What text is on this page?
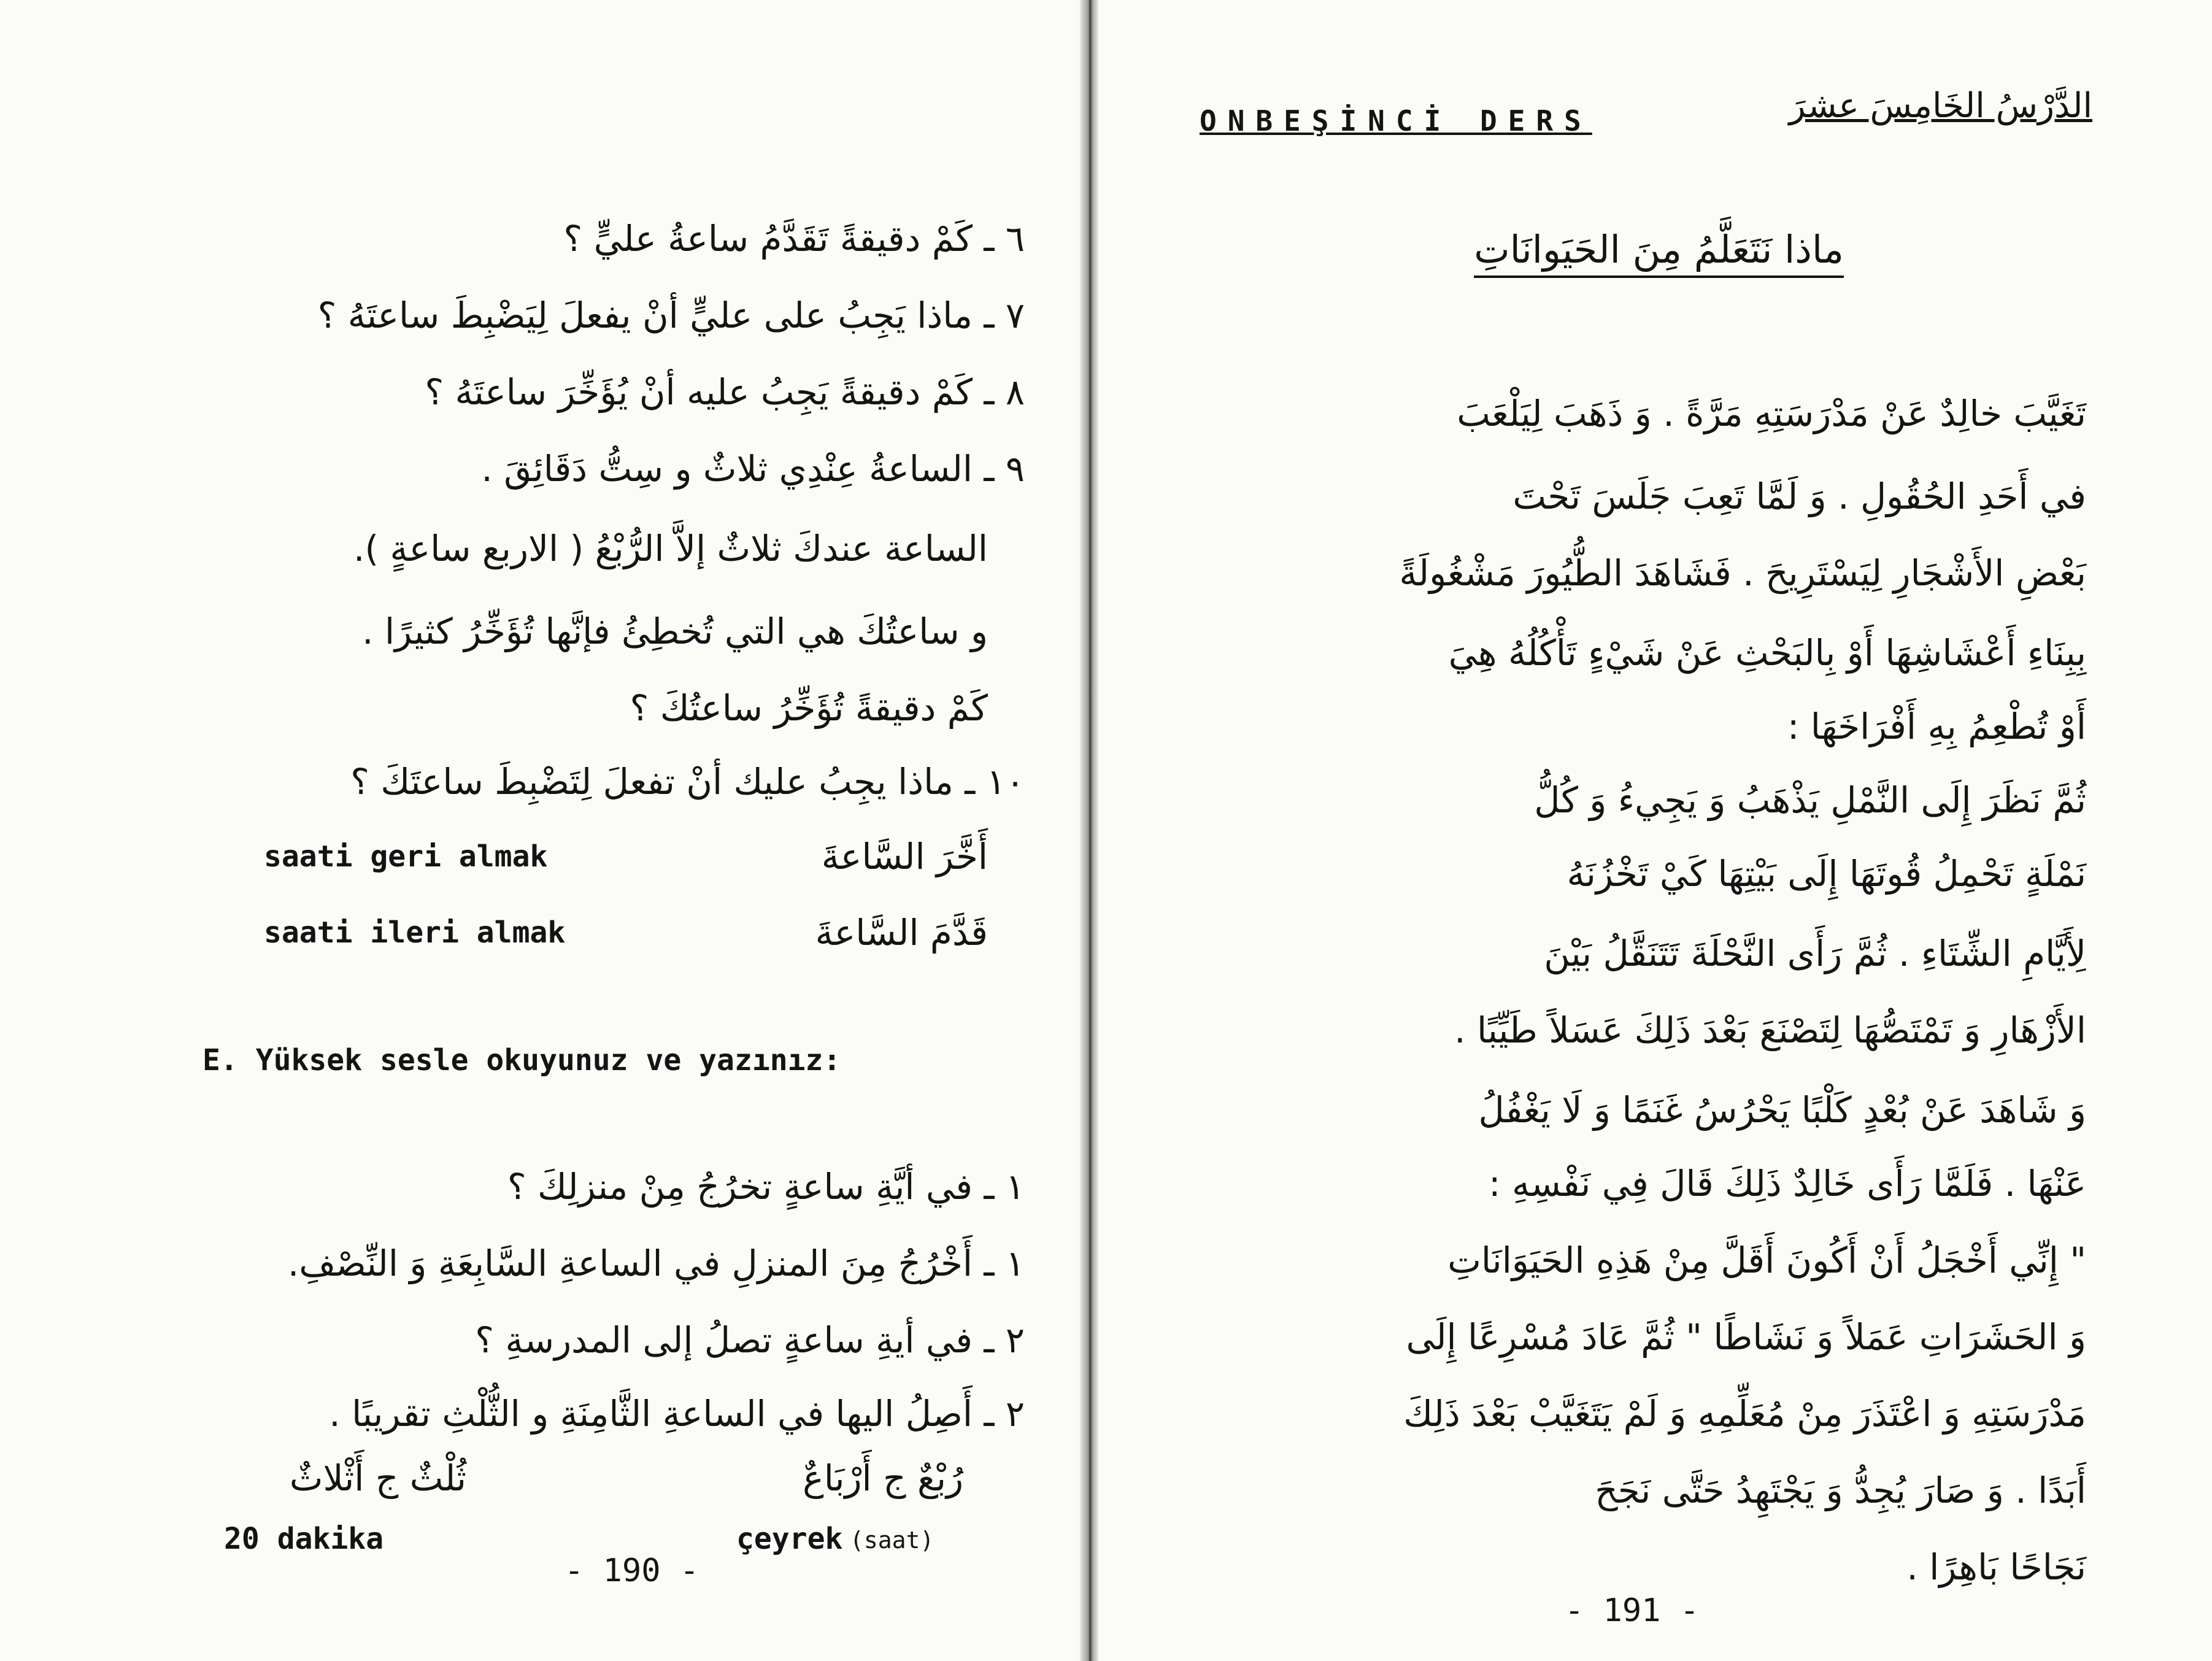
٦ ـ كَمْ دقيقةً تَقَدَّمُ ساعةُ عليٍّ ؟
٧ ـ ماذا يَجِبُ على عليٍّ أنْ يفعلَ لِيَضْبِطَ ساعتَهُ ؟
٨ ـ كَمْ دقيقةً يَجِبُ عليه أنْ يُؤَخِّرَ ساعتَهُ ؟
٩ ـ الساعةُ عِنْدِي ثلاثٌ و سِتُّ دَقَائِقَ .
الساعة عندكَ ثلاثٌ إلاَّ الرُّبْعُ ( الاربع ساعةٍ ).
و ساعتُكَ هي التي تُخطِئُ فإنَّها تُؤَخِّرُ كثيرًا .
كَمْ دقيقةً تُؤَخِّرُ ساعتُكَ ؟
١٠ ـ ماذا يجِبُ عليك أنْ تفعلَ لِتَضْبِطَ ساعتَكَ ؟
saati geri almak	أَخَّرَ السَّاعةَ
saati ileri almak	قَدَّمَ السَّاعةَ
E. Yüksek sesle okuyunuz ve yazınız:
١ ـ في أيَّةِ ساعةٍ تخرُجُ مِنْ منزلِكَ ؟
١ ـ أَخْرُجُ مِنَ المنزلِ في الساعةِ السَّابِعَةِ وَ النِّصْفِ.
٢ ـ في أيةِ ساعةٍ تصلُ إلى المدرسةِ ؟
٢ ـ أَصِلُ اليها في الساعةِ الثَّامِنَةِ و الثُّلْثِ تقريبًا .
ثُلْثٌ ج أَثْلاثٌ	رُبْعٌ ج أَرْبَاعٌ
20 dakika	çeyrek (saat)
- 190 -
ONBEŞİNCİ DERS	الدَّرْسُ الخَامِسَ عشرَ
ماذا نَتَعَلَّمُ مِنَ الحَيَوانَاتِ
تَغَيَّبَ خالِدٌ عَنْ مَدْرَسَتِهِ مَرَّةً . وَ ذَهَبَ لِيَلْعَبَ
في أَحَدِ الحُقُولِ . وَ لَمَّا تَعِبَ جَلَسَ تَحْتَ
بَعْضِ الأَشْجَارِ لِيَسْتَرِيحَ . فَشَاهَدَ الطُّيُورَ مَشْغُولَةً
بِبِنَاءِ أَعْشَاشِهَا أَوْ بِالبَحْثِ عَنْ شَيْءٍ تَأْكُلُهُ هِيَ
أَوْ تُطْعِمُ بِهِ أَفْرَاخَهَا :
ثُمَّ نَظَرَ إِلَى النَّمْلِ يَذْهَبُ وَ يَجِيءُ وَ كُلُّ
نَمْلَةٍ تَحْمِلُ قُوتَهَا إِلَى بَيْتِهَا كَيْ تَخْزُنَهُ
لِأَيَّامِ الشِّتَاءِ . ثُمَّ رَأَى النَّحْلَةَ تَتَنَقَّلُ بَيْنَ
الأَزْهَارِ وَ تَمْتَصُّهَا لِتَصْنَعَ بَعْدَ ذَلِكَ عَسَلاً طَيِّبًا .
وَ شَاهَدَ عَنْ بُعْدٍ كَلْبًا يَحْرُسُ غَنَمًا وَ لَا يَغْفُلُ
عَنْهَا . فَلَمَّا رَأَى خَالِدٌ ذَلِكَ قَالَ فِي نَفْسِهِ :
" إِنِّي أَخْجَلُ أَنْ أَكُونَ أَقَلَّ مِنْ هَذِهِ الحَيَوَانَاتِ
وَ الحَشَرَاتِ عَمَلاً وَ نَشَاطًا " ثُمَّ عَادَ مُسْرِعًا إِلَى
مَدْرَسَتِهِ وَ اعْتَذَرَ مِنْ مُعَلِّمِهِ وَ لَمْ يَتَغَيَّبْ بَعْدَ ذَلِكَ
أَبَدًا . وَ صَارَ يُجِدُّ وَ يَجْتَهِدُ حَتَّى نَجَحَ
نَجَاحًا بَاهِرًا .
- 191 -
